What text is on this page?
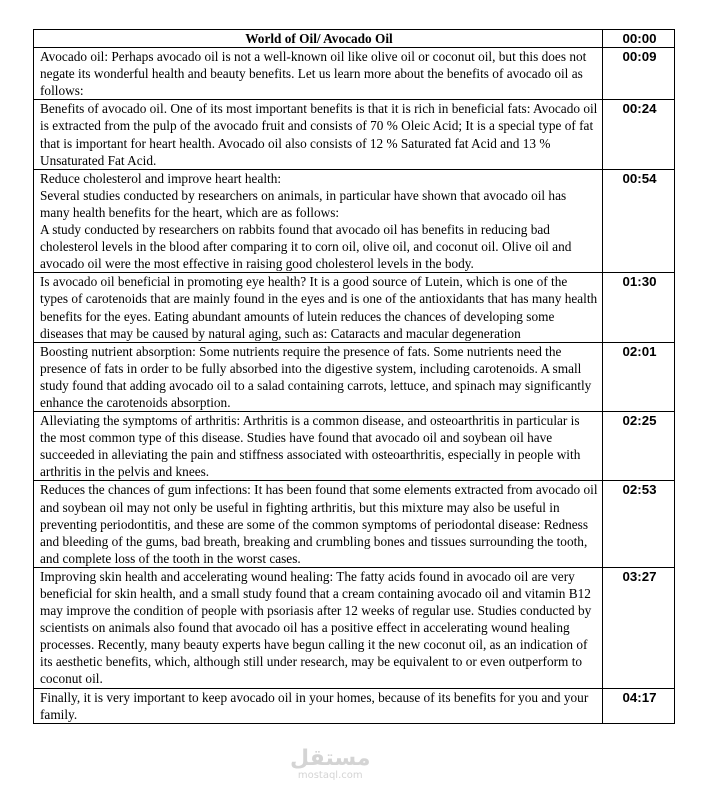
World of Oil/ Avocado Oil	00:00
Avocado oil: Perhaps avocado oil is not a well-known oil like olive oil or coconut oil, but this does not negate its wonderful health and beauty benefits. Let us learn more about the benefits of avocado oil as follows:	00:09
Benefits of avocado oil. One of its most important benefits is that it is rich in beneficial fats: Avocado oil is extracted from the pulp of the avocado fruit and consists of 70 % Oleic Acid; It is a special type of fat that is important for heart health. Avocado oil also consists of 12 % Saturated fat Acid and 13 % Unsaturated Fat Acid.	00:24
Reduce cholesterol and improve heart health:
Several studies conducted by researchers on animals, in particular have shown that avocado oil has many health benefits for the heart, which are as follows:
A study conducted by researchers on rabbits found that avocado oil has benefits in reducing bad cholesterol levels in the blood after comparing it to corn oil, olive oil, and coconut oil. Olive oil and avocado oil were the most effective in raising good cholesterol levels in the body.	00:54
Is avocado oil beneficial in promoting eye health? It is a good source of Lutein, which is one of the types of carotenoids that are mainly found in the eyes and is one of the antioxidants that has many health benefits for the eyes. Eating abundant amounts of lutein reduces the chances of developing some diseases that may be caused by natural aging, such as: Cataracts and macular degeneration	01:30
Boosting nutrient absorption: Some nutrients require the presence of fats. Some nutrients need the presence of fats in order to be fully absorbed into the digestive system, including carotenoids. A small study found that adding avocado oil to a salad containing carrots, lettuce, and spinach may significantly enhance the carotenoids absorption.	02:01
Alleviating the symptoms of arthritis: Arthritis is a common disease, and osteoarthritis in particular is the most common type of this disease. Studies have found that avocado oil and soybean oil have succeeded in alleviating the pain and stiffness associated with osteoarthritis, especially in people with arthritis in the pelvis and knees.	02:25
Reduces the chances of gum infections: It has been found that some elements extracted from avocado oil and soybean oil may not only be useful in fighting arthritis, but this mixture may also be useful in preventing periodontitis, and these are some of the common symptoms of periodontal disease: Redness and bleeding of the gums, bad breath, breaking and crumbling bones and tissues surrounding the tooth, and complete loss of the tooth in the worst cases.	02:53
Improving skin health and accelerating wound healing: The fatty acids found in avocado oil are very beneficial for skin health, and a small study found that a cream containing avocado oil and vitamin B12 may improve the condition of people with psoriasis after 12 weeks of regular use. Studies conducted by scientists on animals also found that avocado oil has a positive effect in accelerating wound healing processes. Recently, many beauty experts have begun calling it the new coconut oil, as an indication of its aesthetic benefits, which, although still under research, may be equivalent to or even outperform to coconut oil.	03:27
Finally, it is very important to keep avocado oil in your homes, because of its benefits for you and your family.	04:17
مستقل
mostaql.com
